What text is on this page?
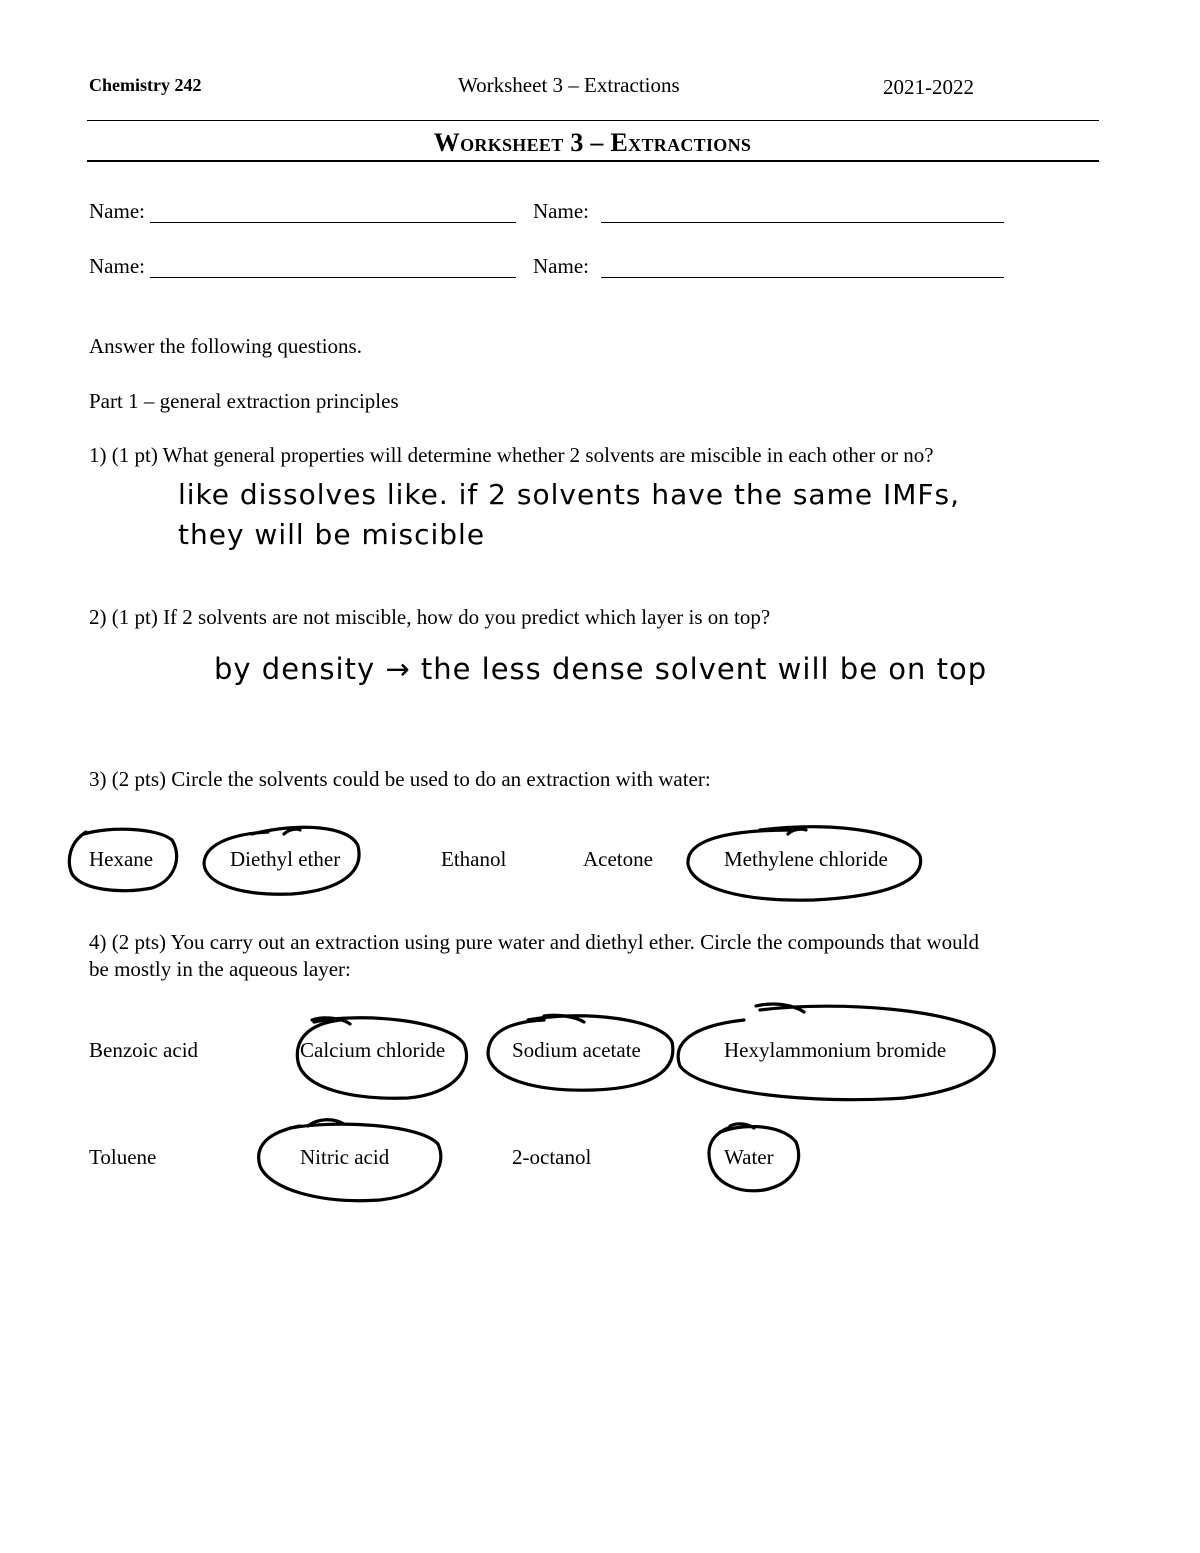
Chemistry 242	Worksheet 3 – Extractions	2021-2022
Worksheet 3 – Extractions
Name:	Name:
Name:	Name:
Answer the following questions.
Part 1 – general extraction principles
1) (1 pt) What general properties will determine whether 2 solvents are miscible in each other or no?
like dissolves like. if 2 solvents have the same IMFs,
they will be miscible
2) (1 pt) If 2 solvents are not miscible, how do you predict which layer is on top?
by density → the less dense solvent will be on top
3) (2 pts) Circle the solvents could be used to do an extraction with water:
Hexane	Diethyl ether	Ethanol	Acetone	Methylene chloride
4) (2 pts) You carry out an extraction using pure water and diethyl ether. Circle the compounds that would
be mostly in the aqueous layer:
Benzoic acid	Calcium chloride	Sodium acetate	Hexylammonium bromide
Toluene	Nitric acid	2-octanol	Water
